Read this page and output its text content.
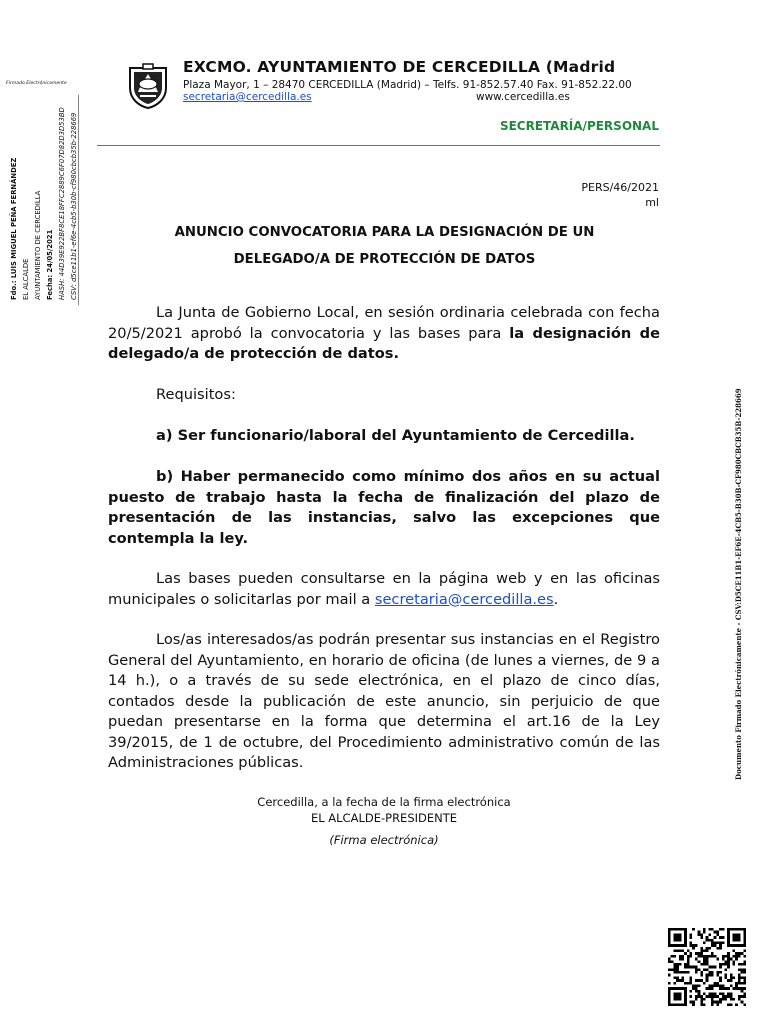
Firmado Electrónicamente
Fdo.: LUIS MIGUEL PEÑA FERNÁNDEZ EL ALCALDE AYUNTAMIENTO DE CERCEDILLA Fecha: 24/05/2021 HASH: 44D39E922BF8CE18FFC2889C6F07D82D3D53BD CSV: d5ce11b1-ef6e-4cb5-b30b-cf980cbcb35b-228669
EXCMO. AYUNTAMIENTO DE CERCEDILLA (Madrid
Plaza Mayor, 1 – 28470 CERCEDILLA (Madrid) – Telfs. 91-852.57.40 Fax. 91-852.22.00
secretaria@cercedilla.es	www.cercedilla.es
SECRETARÍA/PERSONAL
PERS/46/2021
ml
ANUNCIO CONVOCATORIA PARA LA DESIGNACIÓN DE UN
DELEGADO/A DE PROTECCIÓN DE DATOS
La Junta de Gobierno Local, en sesión ordinaria celebrada con fecha 20/5/2021 aprobó la convocatoria y las bases para la designación de delegado/a de protección de datos.
Requisitos:
a) Ser funcionario/laboral del Ayuntamiento de Cercedilla.
b) Haber permanecido como mínimo dos años en su actual puesto de trabajo hasta la fecha de finalización del plazo de presentación de las instancias, salvo las excepciones que contempla la ley.
Las bases pueden consultarse en la página web y en las oficinas municipales o solicitarlas por mail a secretaria@cercedilla.es.
Los/as interesados/as podrán presentar sus instancias en el Registro General del Ayuntamiento, en horario de oficina (de lunes a viernes, de 9 a 14 h.), o a través de su sede electrónica, en el plazo de cinco días, contados desde la publicación de este anuncio, sin perjuicio de que puedan presentarse en la forma que determina el art.16 de la Ley 39/2015, de 1 de octubre, del Procedimiento administrativo común de las Administraciones públicas.
Cercedilla, a la fecha de la firma electrónica
EL ALCALDE-PRESIDENTE
(Firma electrónica)
Documento Firmado Electrónicamente - CSV:D5CE11B1-EF6E-4CB5-B30B-CF980CBCB35B-228669
